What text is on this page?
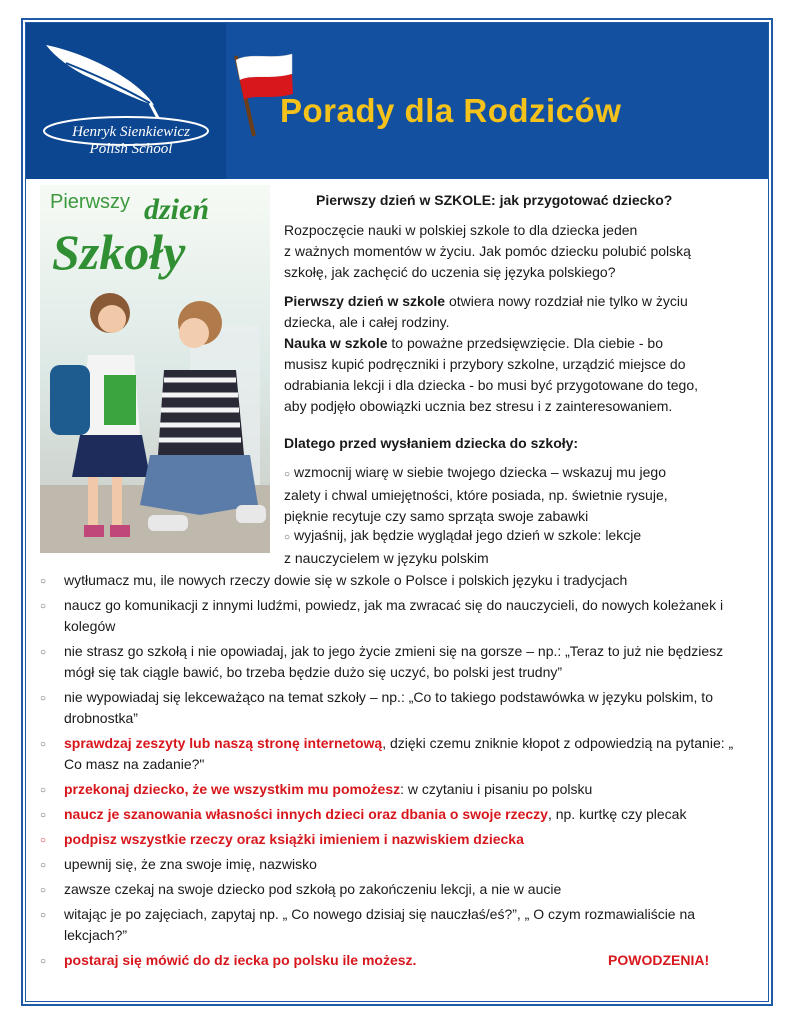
Henryk Sienkiewicz
Polish School
Porady dla Rodziców
Pierwszy dzień
Szkoły
Pierwszy dzień w SZKOLE: jak przygotować dziecko?
Rozpoczęcie nauki w polskiej szkole to dla dziecka jeden
z ważnych momentów w życiu. Jak pomóc dziecku polubić polską
szkołę, jak zachęcić do uczenia się języka polskiego?
Pierwszy dzień w szkole otwiera nowy rozdział nie tylko w życiu
dziecka, ale i całej rodziny.
Nauka w szkole to poważne przedsięwzięcie. Dla ciebie - bo
musisz kupić podręczniki i przybory szkolne, urządzić miejsce do
odrabiania lekcji i dla dziecka - bo musi być przygotowane do tego,
aby podjęło obowiązki ucznia bez stresu i z zainteresowaniem.
Dlatego przed wysłaniem dziecka do szkoły:
○ wzmocnij wiarę w siebie twojego dziecka – wskazuj mu jego
zalety i chwal umiejętności, które posiada, np. świetnie rysuje,
pięknie recytuje czy samo sprząta swoje zabawki
○ wyjaśnij, jak będzie wyglądał jego dzień w szkole: lekcje
z nauczycielem w języku polskim
○ wytłumacz mu, ile nowych rzeczy dowie się w szkole o Polsce i polskich języku i tradycjach
○ naucz go komunikacji z innymi ludźmi, powiedz, jak ma zwracać się do nauczycieli, do nowych koleżanek i kolegów
○ nie strasz go szkołą i nie opowiadaj, jak to jego życie zmieni się na gorsze – np.: „Teraz to już nie będziesz mógł się tak ciągle bawić, bo trzeba będzie dużo się uczyć, bo polski jest trudny”
○ nie wypowiadaj się lekceważąco na temat szkoły – np.: „Co to takiego podstawówka w języku polskim, to drobnostka”
○ sprawdzaj zeszyty lub naszą stronę internetową, dzięki czemu zniknie kłopot z odpowiedzią na pytanie: „ Co masz na zadanie?"
○ przekonaj dziecko, że we wszystkim mu pomożesz: w czytaniu i pisaniu po polsku
○ naucz je szanowania własności innych dzieci oraz dbania o swoje rzeczy, np. kurtkę czy plecak
○ podpisz wszystkie rzeczy oraz książki imieniem i nazwiskiem dziecka
○ upewnij się, że zna swoje imię, nazwisko
○ zawsze czekaj na swoje dziecko pod szkołą po zakończeniu lekcji, a nie w aucie
○ witając je po zajęciach, zapytaj np. „ Co nowego dzisiaj się nauczłaś/eś?”, „ O czym rozmawialiście na lekcjach?”
○ postaraj się mówić do dz iecka po polsku ile możesz.	POWODZENIA!
